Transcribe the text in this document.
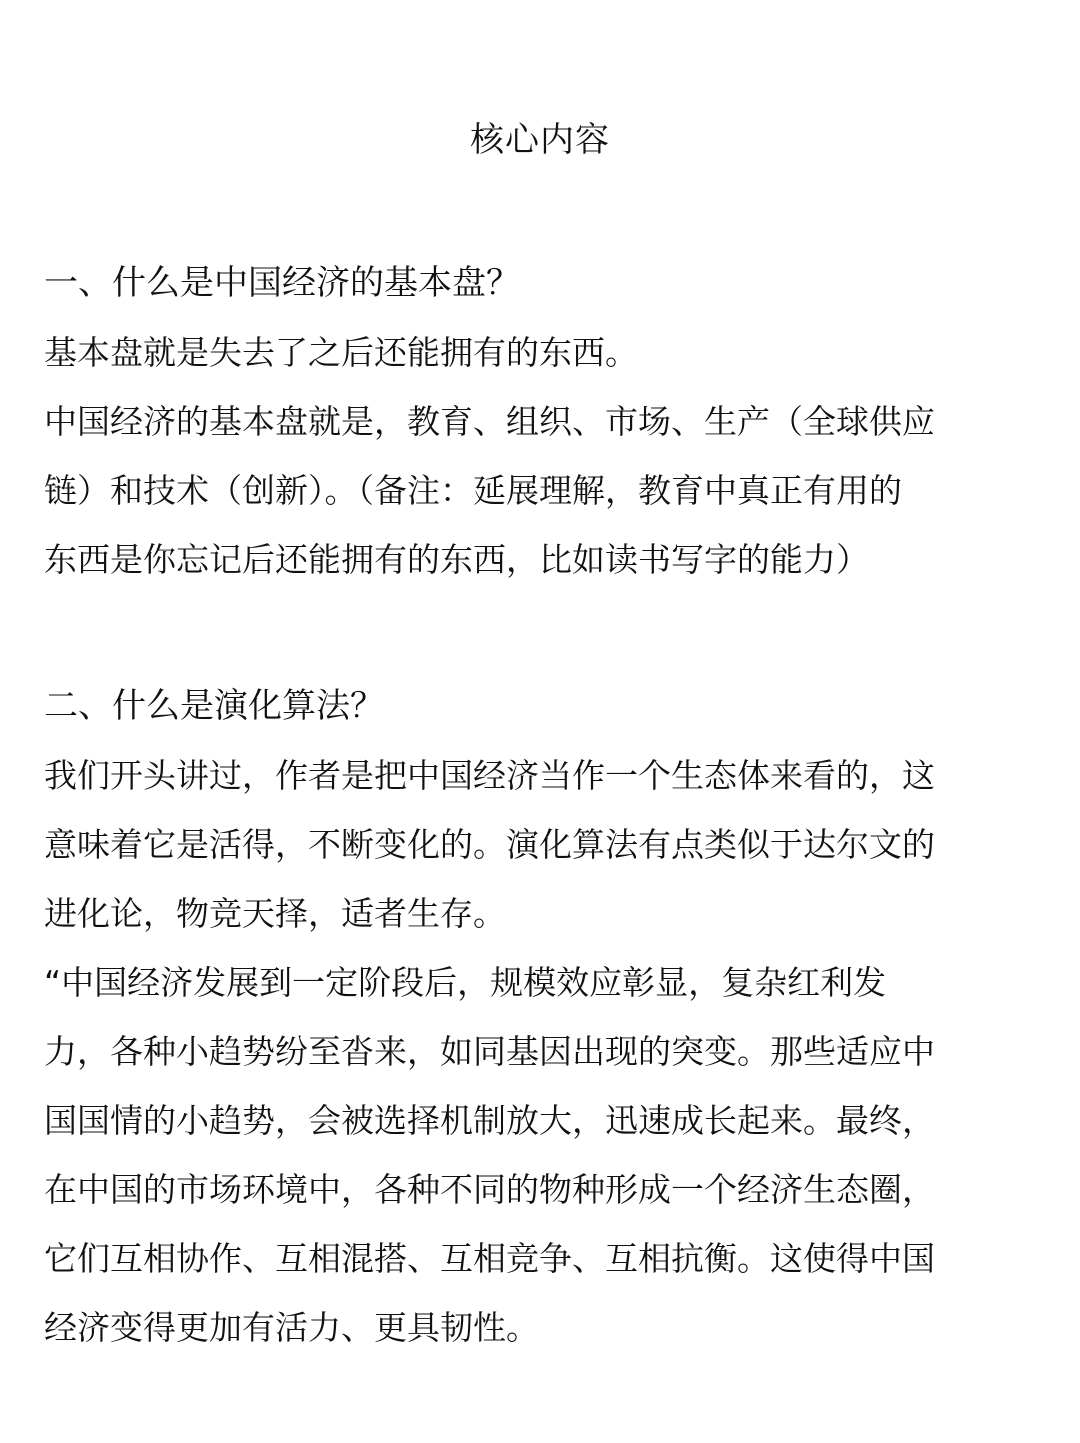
核心内容
一、什么是中国经济的基本盘？

基本盘就是失去了之后还能拥有的东西。

中国经济的基本盘就是，教育、组织、市场、生产（全球供应
链）和技术（创新）。（备注：延展理解，教育中真正有用的
东西是你忘记后还能拥有的东西，比如读书写字的能力）

二、什么是演化算法？

我们开头讲过，作者是把中国经济当作一个生态体来看的，这
意味着它是活得，不断变化的。演化算法有点类似于达尔文的
进化论，物竞天择，适者生存。

“中国经济发展到一定阶段后，规模效应彰显，复杂红利发
力，各种小趋势纷至沓来，如同基因出现的突变。那些适应中
国国情的小趋势，会被选择机制放大，迅速成长起来。最终，
在中国的市场环境中，各种不同的物种形成一个经济生态圈，
它们互相协作、互相混搭、互相竞争、互相抗衡。这使得中国
经济变得更加有活力、更具韧性。
